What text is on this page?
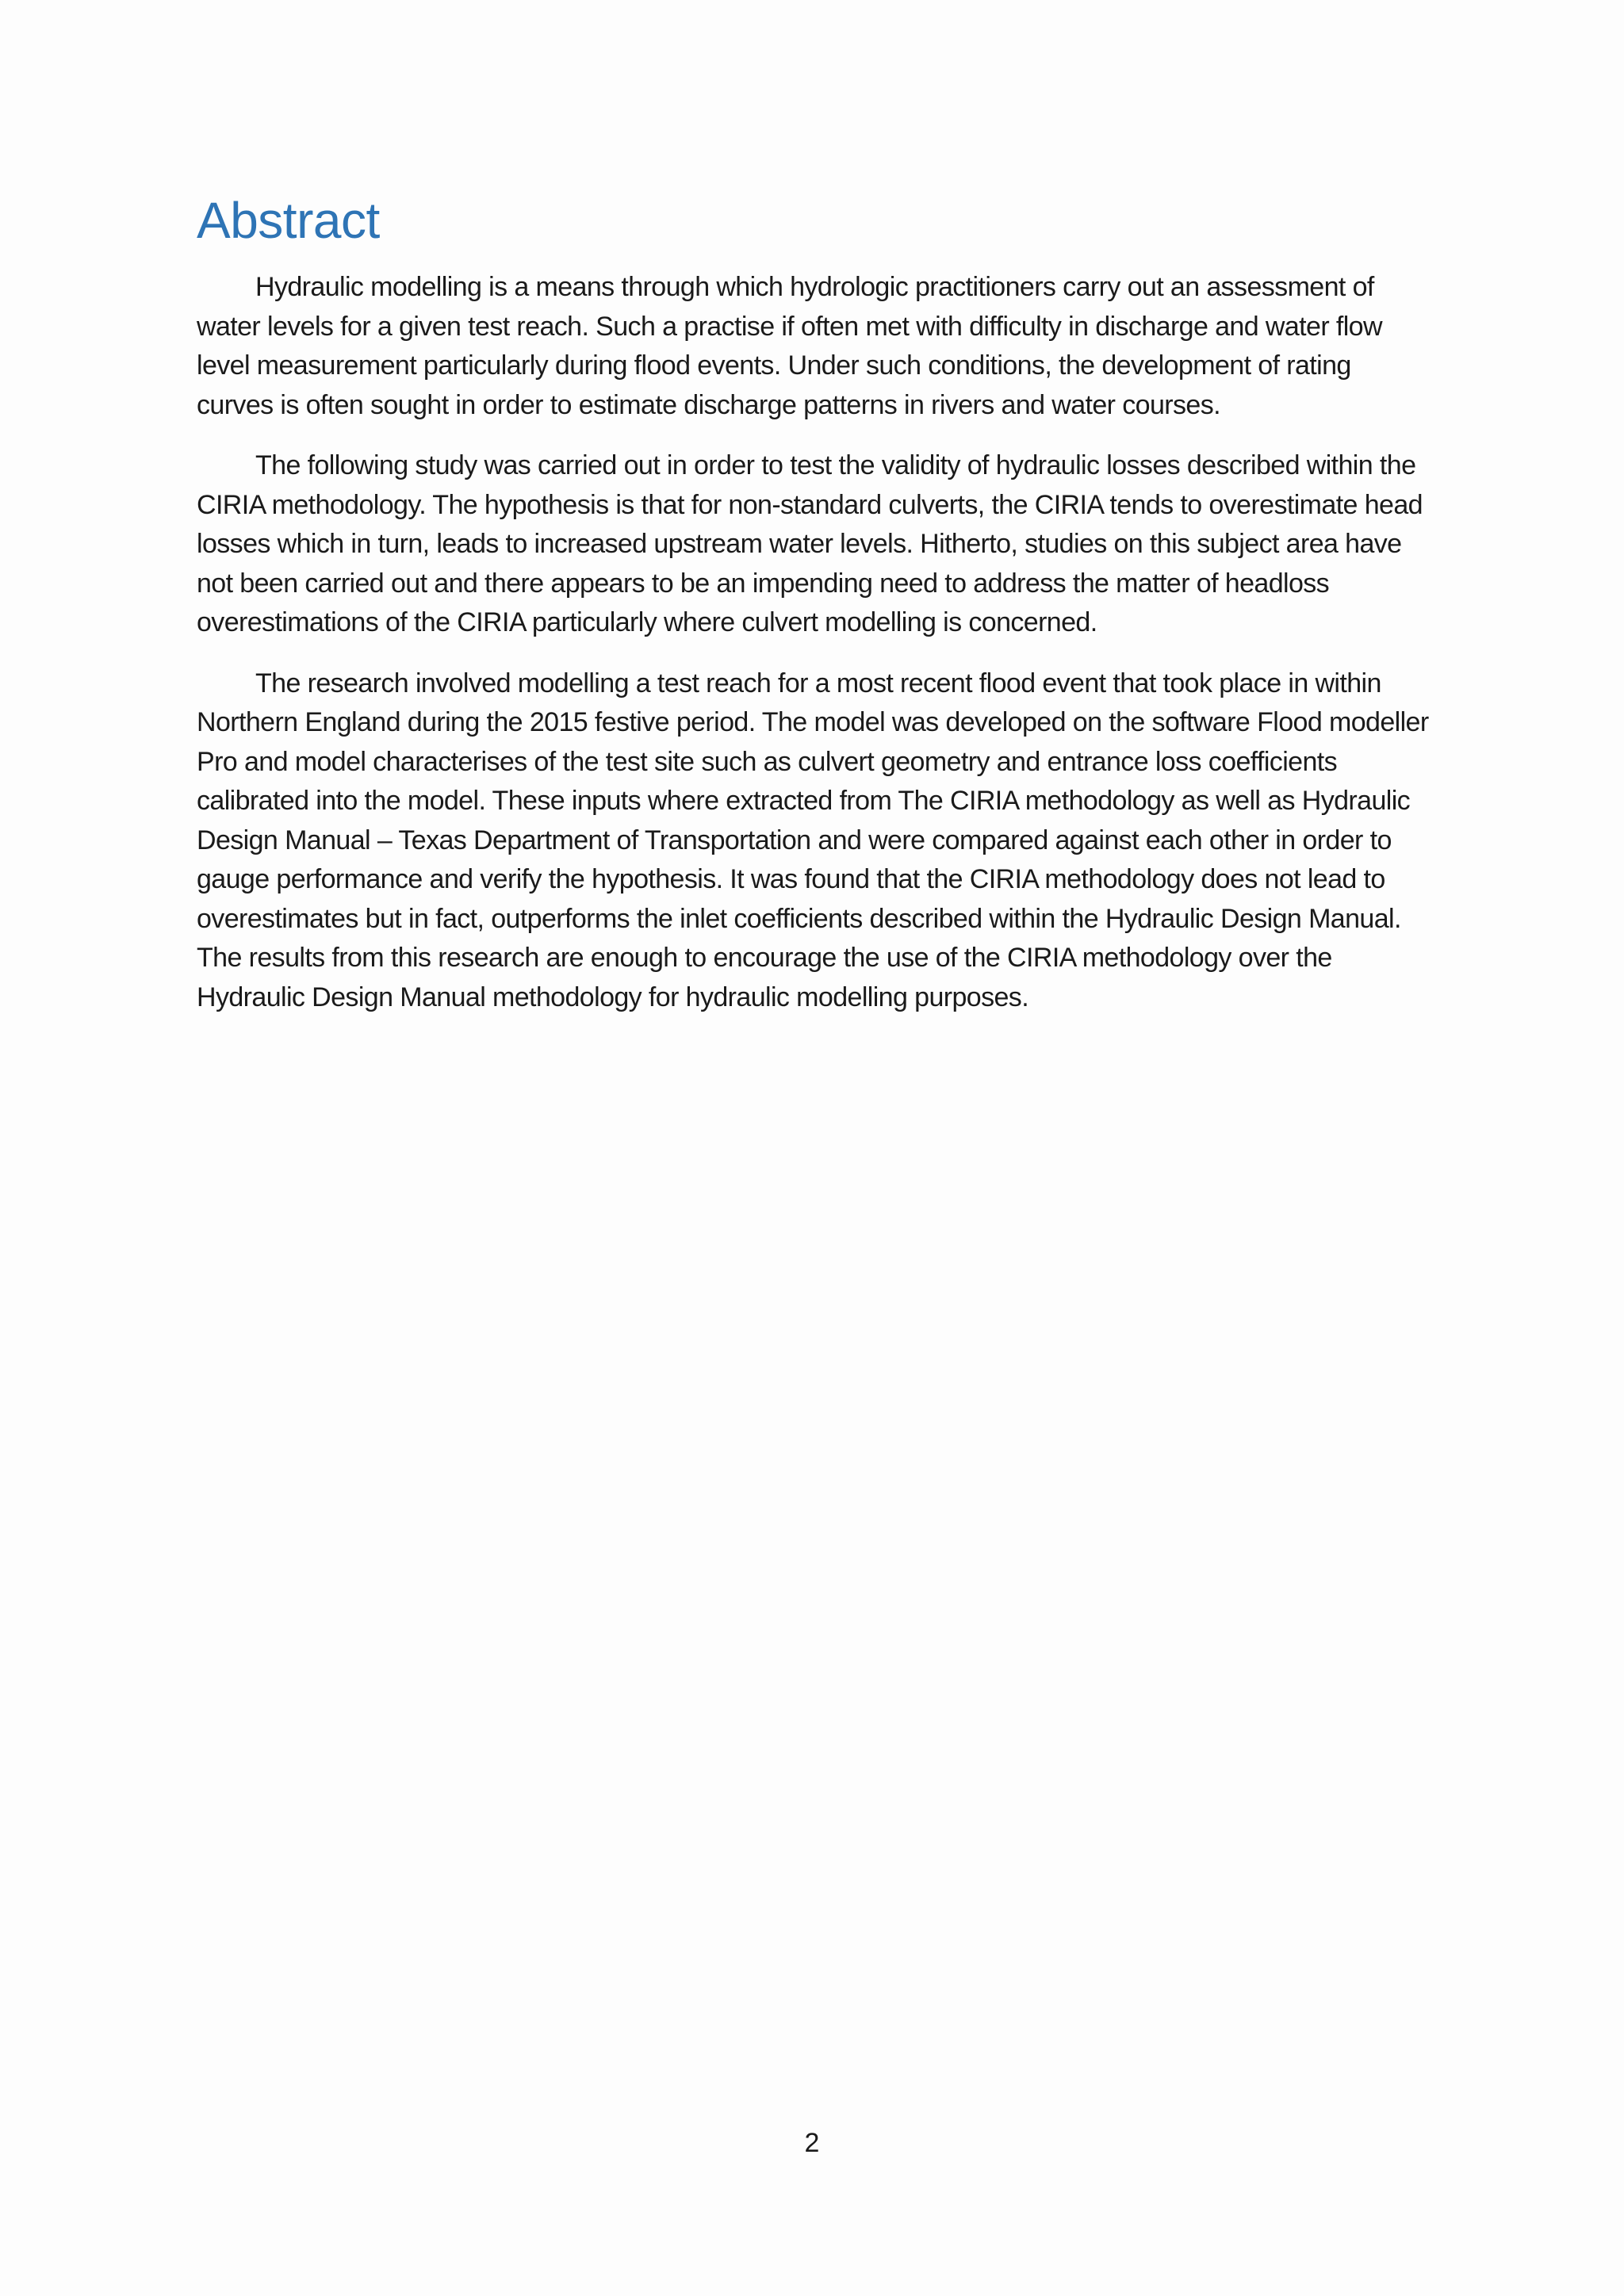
Abstract

Hydraulic modelling is a means through which hydrologic practitioners carry out an assessment of water levels for a given test reach. Such a practise if often met with difficulty in discharge and water flow level measurement particularly during flood events. Under such conditions, the development of rating curves is often sought in order to estimate discharge patterns in rivers and water courses.

The following study was carried out in order to test the validity of hydraulic losses described within the CIRIA methodology. The hypothesis is that for non-standard culverts, the CIRIA tends to overestimate head losses which in turn, leads to increased upstream water levels. Hitherto, studies on this subject area have not been carried out and there appears to be an impending need to address the matter of headloss overestimations of the CIRIA particularly where culvert modelling is concerned.

The research involved modelling a test reach for a most recent flood event that took place in within Northern England during the 2015 festive period. The model was developed on the software Flood modeller Pro and model characterises of the test site such as culvert geometry and entrance loss coefficients calibrated into the model. These inputs where extracted from The CIRIA methodology as well as Hydraulic Design Manual – Texas Department of Transportation and were compared against each other in order to gauge performance and verify the hypothesis. It was found that the CIRIA methodology does not lead to overestimates but in fact, outperforms the inlet coefficients described within the Hydraulic Design Manual. The results from this research are enough to encourage the use of the CIRIA methodology over the Hydraulic Design Manual methodology for hydraulic modelling purposes.

2
